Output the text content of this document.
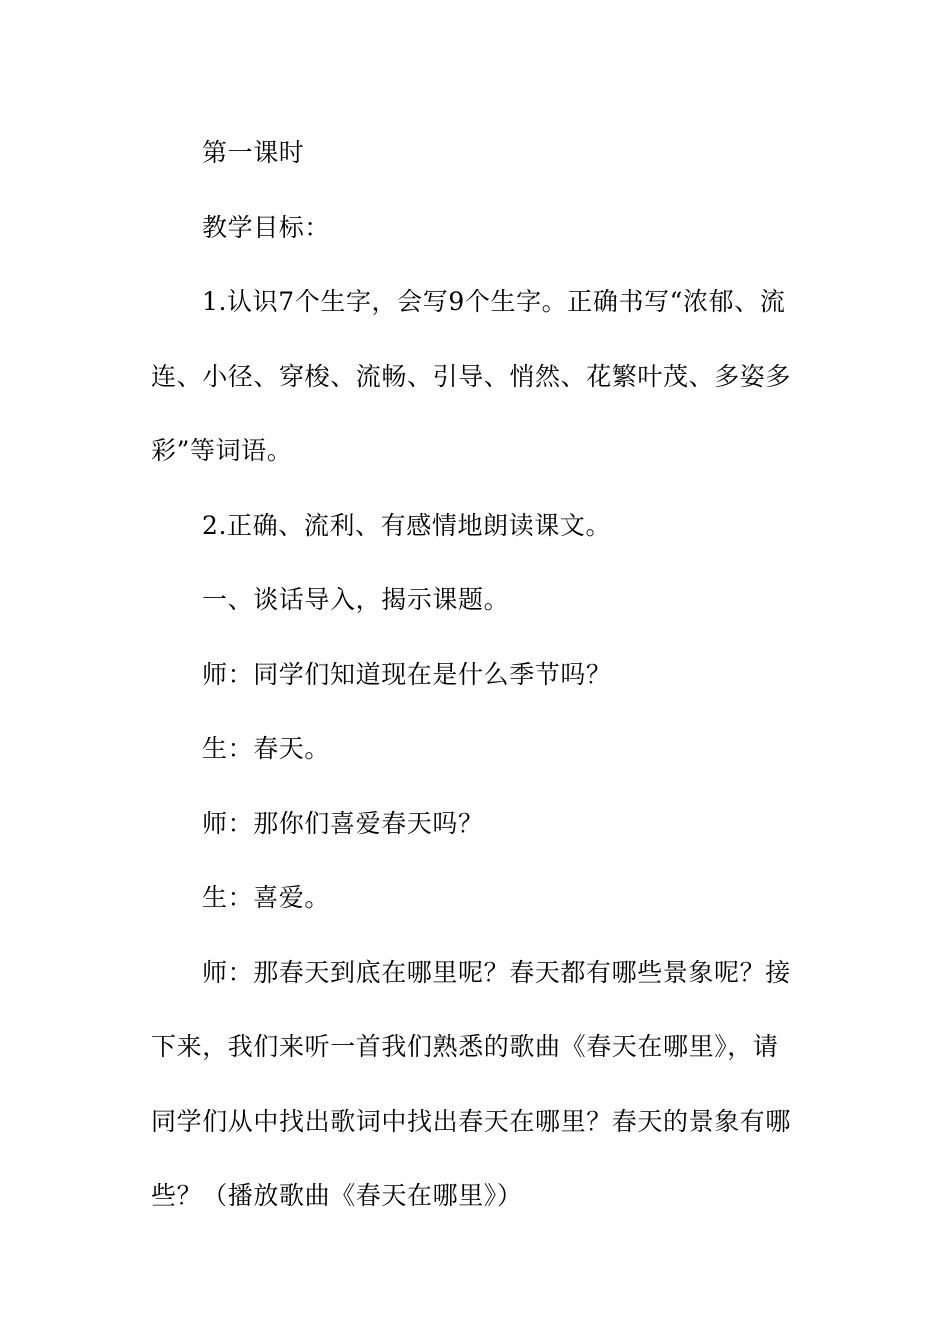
第一课时

教学目标：

1.认识7个生字，会写9个生字。正确书写“浓郁、流连、小径、穿梭、流畅、引导、悄然、花繁叶茂、多姿多彩”等词语。

2.正确、流利、有感情地朗读课文。

一、谈话导入，揭示课题。

师：同学们知道现在是什么季节吗？

生：春天。

师：那你们喜爱春天吗？

生：喜爱。

师：那春天到底在哪里呢？春天都有哪些景象呢？接下来，我们来听一首我们熟悉的歌曲《春天在哪里》，请同学们从中找出歌词中找出春天在哪里？春天的景象有哪些？（播放歌曲《春天在哪里》）
